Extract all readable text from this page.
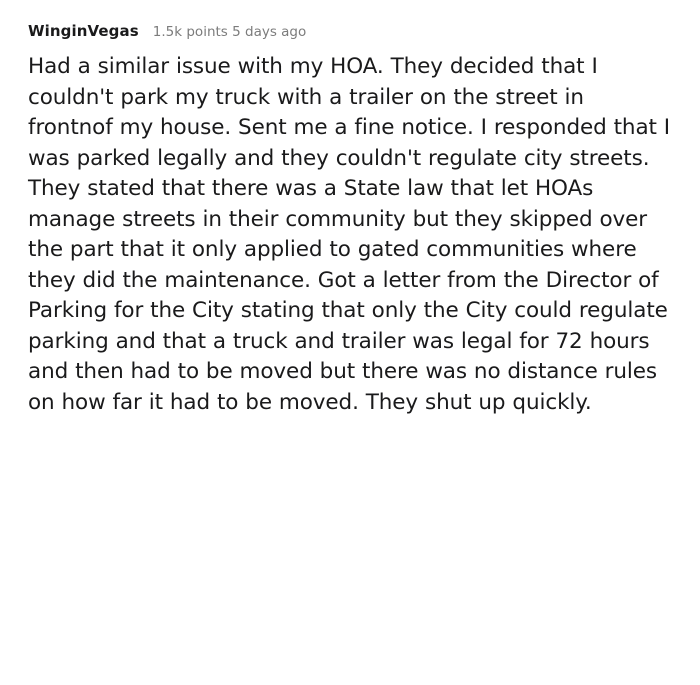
WinginVegas 1.5k points 5 days ago

Had a similar issue with my HOA. They decided that I couldn't park my truck with a trailer on the street in frontnof my house. Sent me a fine notice. I responded that I was parked legally and they couldn't regulate city streets. They stated that there was a State law that let HOAs manage streets in their community but they skipped over the part that it only applied to gated communities where they did the maintenance. Got a letter from the Director of Parking for the City stating that only the City could regulate parking and that a truck and trailer was legal for 72 hours and then had to be moved but there was no distance rules on how far it had to be moved. They shut up quickly.
